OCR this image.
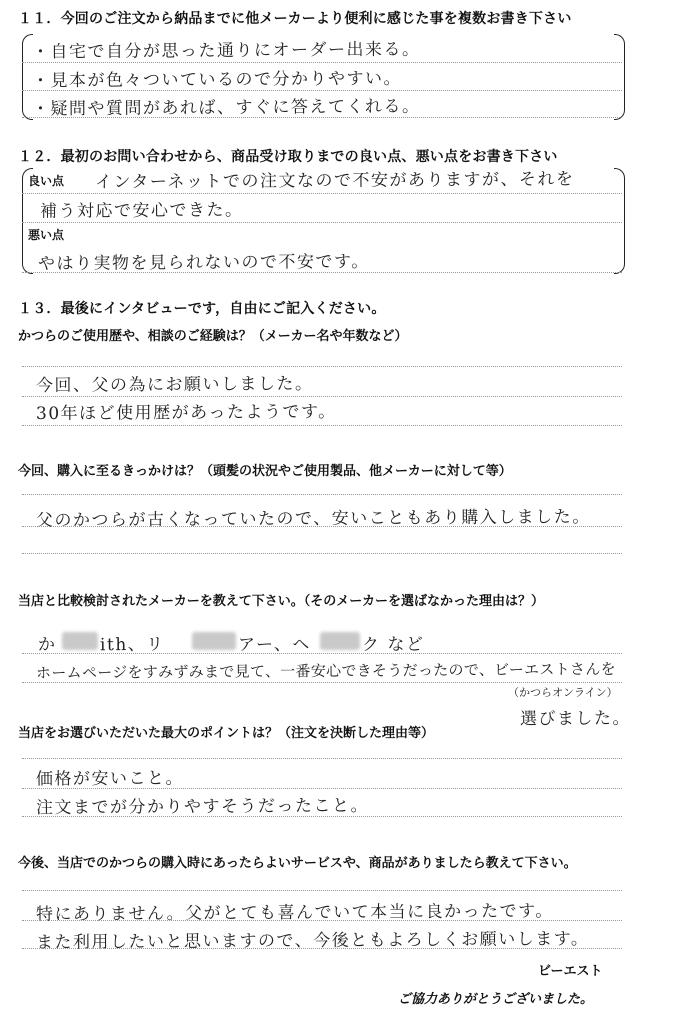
１１．今回のご注文から納品までに他メーカーより便利に感じた事を複数お書き下さい
・自宅で自分が思った通りにオーダー出来る。
・見本が色々ついているので分かりやすい。
・疑問や質問があれば、すぐに答えてくれる。
１２．最初のお問い合わせから、商品受け取りまでの良い点、悪い点をお書き下さい
良い点 インターネットでの注文なので不安がありますが、それを
補う対応で安心できた。
悪い点
やはり実物を見られないので不安です。
１３．最後にインタビューです，自由にご記入ください。
かつらのご使用歴や、相談のご経験は？（メーカー名や年数など）
今回、父の為にお願いしました。
30年ほど使用歴があったようです。
今回、購入に至るきっかけは？（頭髪の状況やご使用製品、他メーカーに対して等）
父のかつらが古くなっていたので、安いこともあり購入しました。
当店と比較検討されたメーカーを教えて下さい。（そのメーカーを選ばなかった理由は？）
か	ith、リ	アー、ヘ	ク など
ホームページをすみずみまで見て、一番安心できそうだったので、ビーエストさんを
（かつらオンライン）
選びました。
当店をお選びいただいた最大のポイントは？（注文を決断した理由等）
価格が安いこと。
注文までが分かりやすそうだったこと。
今後、当店でのかつらの購入時にあったらよいサービスや、商品がありましたら教えて下さい。
特にありません。父がとても喜んでいて本当に良かったです。
また利用したいと思いますので、今後ともよろしくお願いします。
ビーエスト
ご協力ありがとうございました。
